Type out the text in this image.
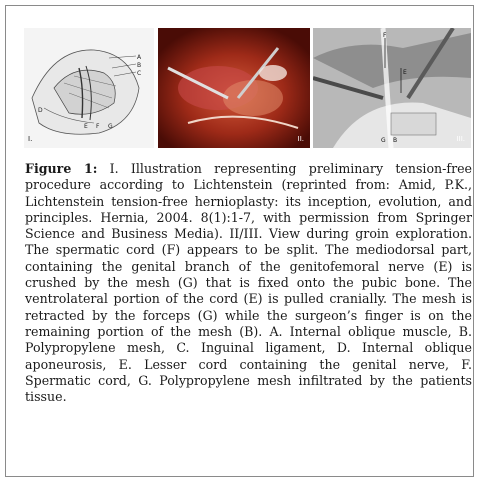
A
B
C
D
E F G
I.	II.
F
E
G B	III.

Figure 1: I. Illustration representing preliminary tension-free procedure according to Lichtenstein (reprinted from: Amid, P.K., Lichtenstein tension-free hernioplasty: its inception, evolution, and principles. Hernia, 2004. 8(1):1-7, with permission from Springer Science and Business Media). II/III. View during groin exploration. The spermatic cord (F) appears to be split. The mediodorsal part, containing the genital branch of the genitofemoral nerve (E) is crushed by the mesh (G) that is fixed onto the pubic bone. The ventrolateral portion of the cord (E) is pulled cranially. The mesh is retracted by the forceps (G) while the surgeon’s finger is on the remaining portion of the mesh (B). A. Internal oblique muscle, B. Polypropylene mesh, C. Inguinal ligament, D. Internal oblique aponeurosis, E. Lesser cord containing the genital nerve, F. Spermatic cord, G. Polypropylene mesh infiltrated by the patients tissue.
